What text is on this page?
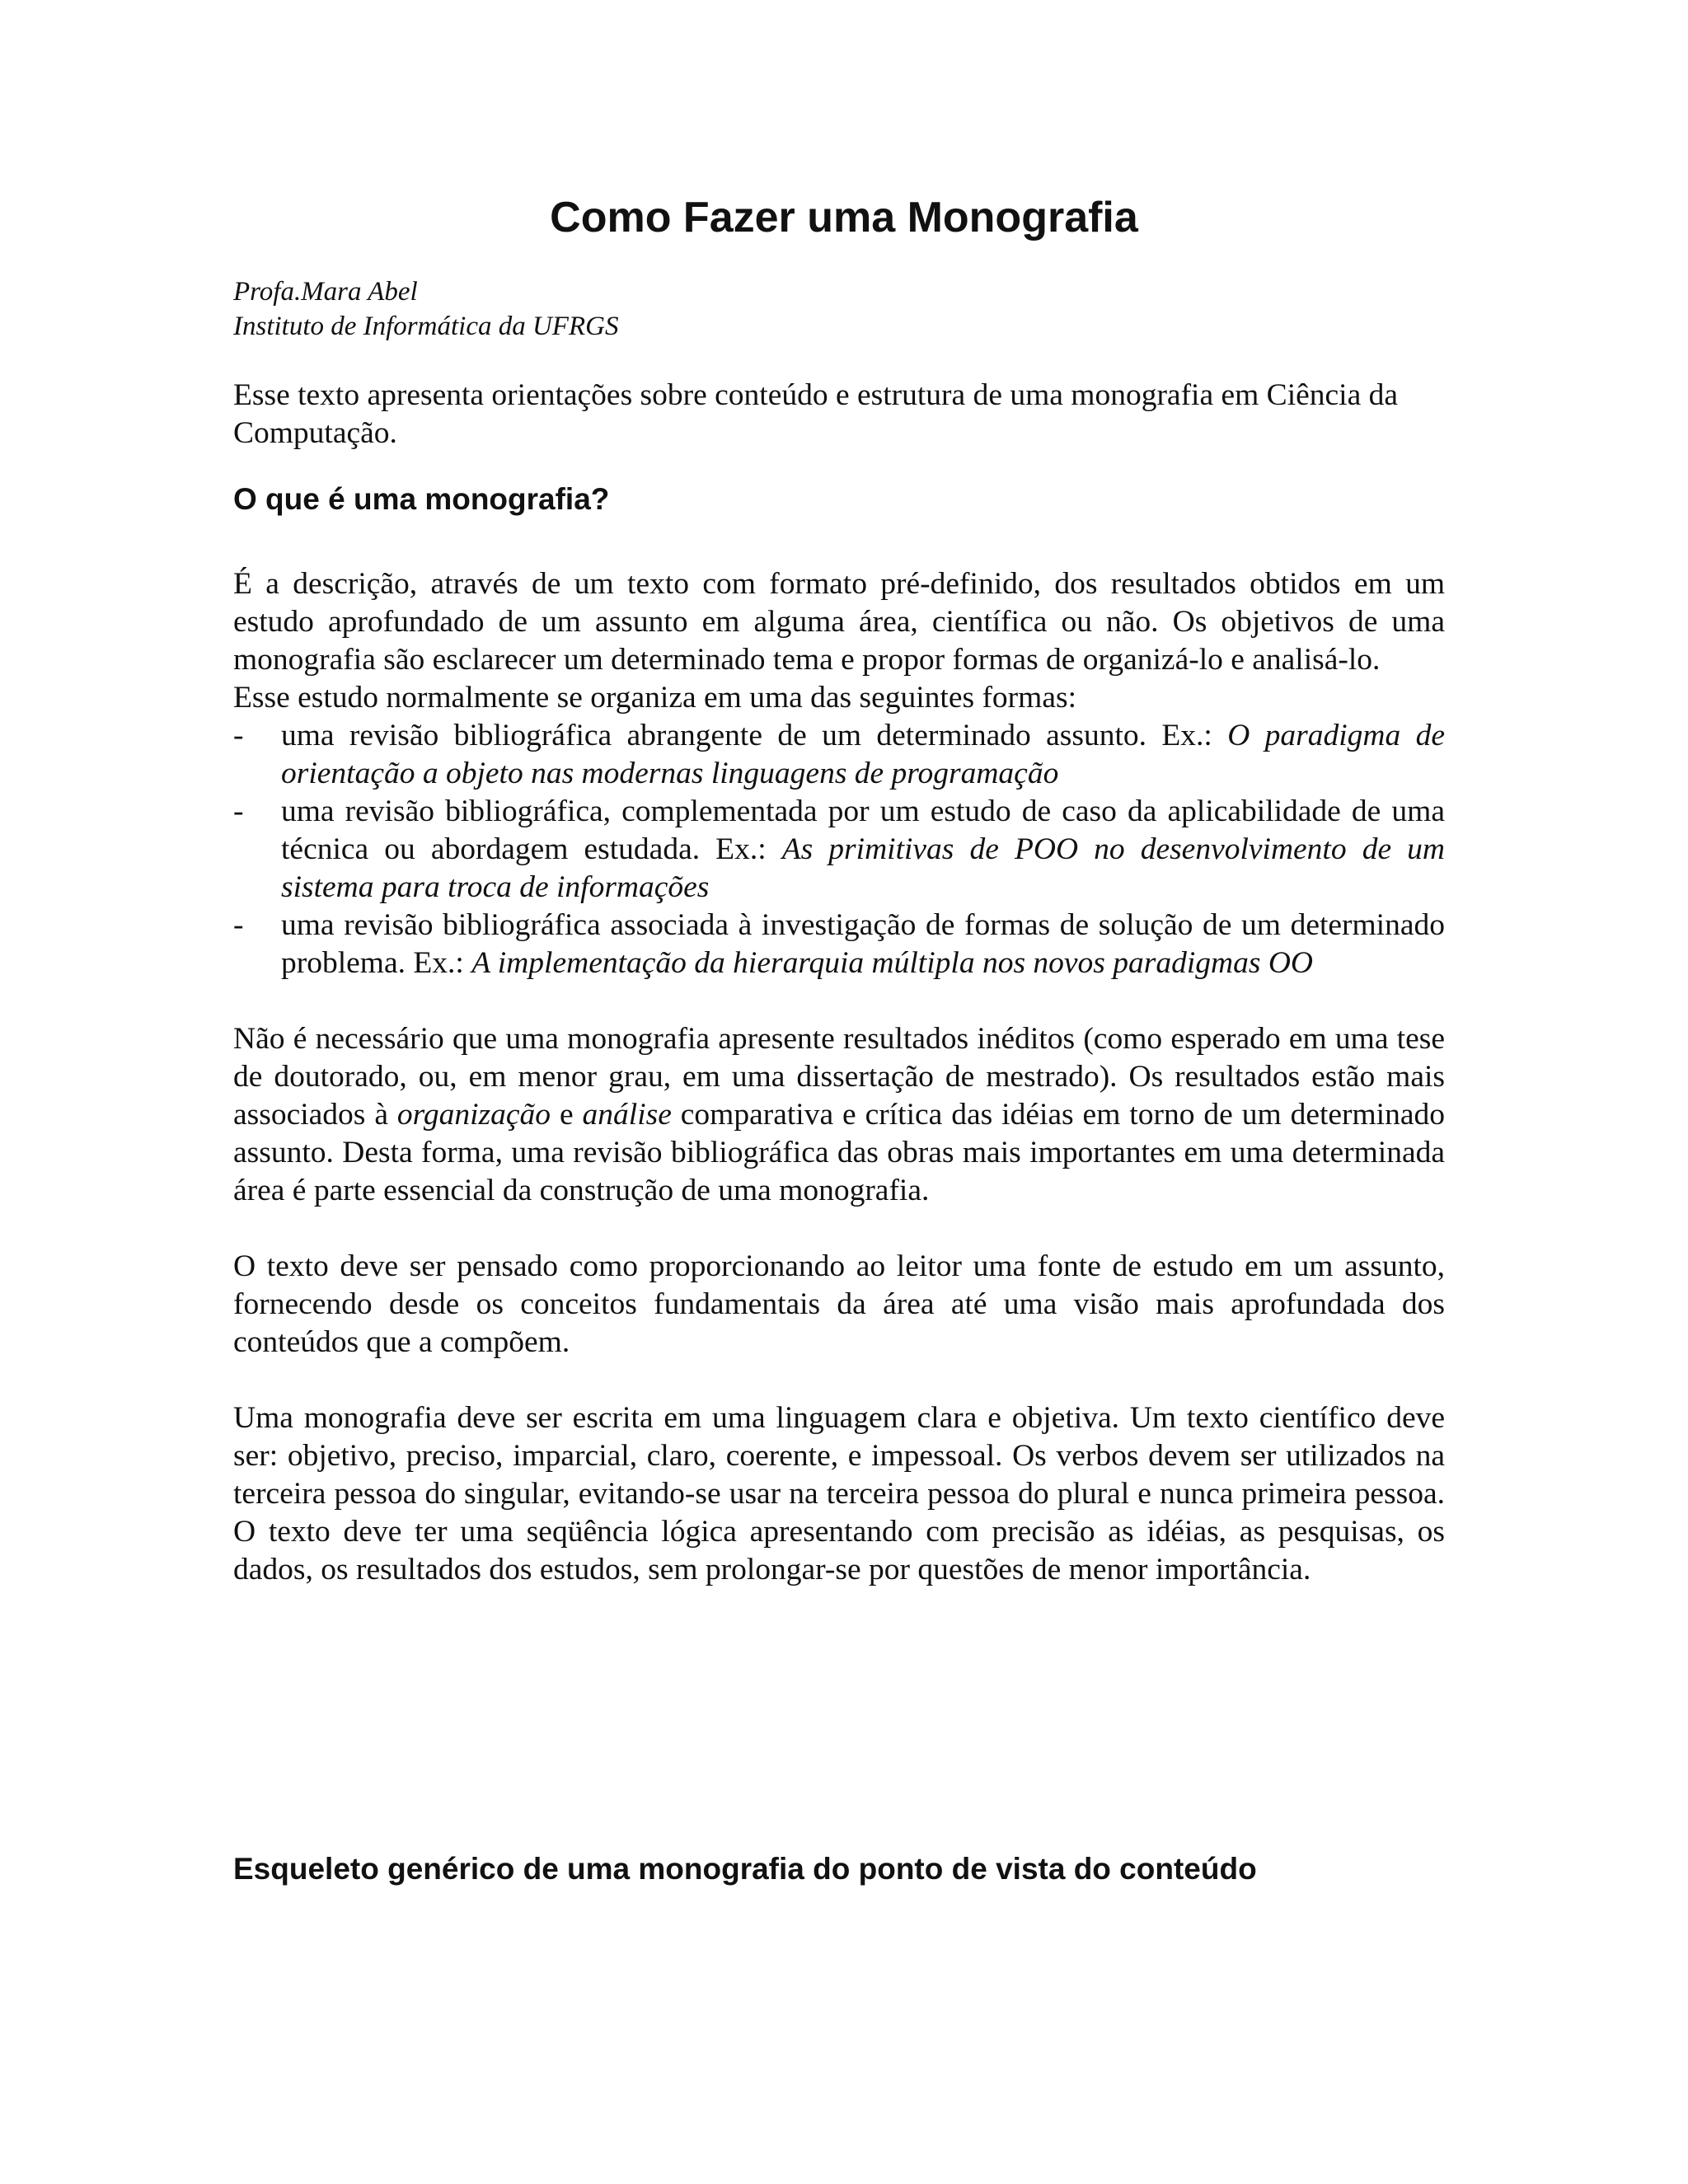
Como Fazer uma Monografia
Profa.Mara Abel
Instituto de Informática da UFRGS

Esse texto apresenta orientações sobre conteúdo e estrutura de uma monografia em Ciência da Computação.

O que é uma monografia?

É a descrição, através de um texto com formato pré-definido, dos resultados obtidos em um estudo aprofundado de um assunto em alguma área, científica ou não. Os objetivos de uma monografia são esclarecer um determinado tema e propor formas de organizá-lo e analisá-lo.

Esse estudo normalmente se organiza em uma das seguintes formas:

- uma revisão bibliográfica abrangente de um determinado assunto. Ex.: O paradigma de orientação a objeto nas modernas linguagens de programação
- uma revisão bibliográfica, complementada por um estudo de caso da aplicabilidade de uma técnica ou abordagem estudada. Ex.: As primitivas de POO no desenvolvimento de um sistema para troca de informações
- uma revisão bibliográfica associada à investigação de formas de solução de um determinado problema. Ex.: A implementação da hierarquia múltipla nos novos paradigmas OO

Não é necessário que uma monografia apresente resultados inéditos (como esperado em uma tese de doutorado, ou, em menor grau, em uma dissertação de mestrado). Os resultados estão mais associados à organização e análise comparativa e crítica das idéias em torno de um determinado assunto. Desta forma, uma revisão bibliográfica das obras mais importantes em uma determinada área é parte essencial da construção de uma monografia.

O texto deve ser pensado como proporcionando ao leitor uma fonte de estudo em um assunto, fornecendo desde os conceitos fundamentais da área até uma visão mais aprofundada dos conteúdos que a compõem.

Uma monografia deve ser escrita em uma linguagem clara e objetiva. Um texto científico deve ser: objetivo, preciso, imparcial, claro, coerente, e impessoal. Os verbos devem ser utilizados na terceira pessoa do singular, evitando-se usar na terceira pessoa do plural e nunca primeira pessoa. O texto deve ter uma seqüência lógica apresentando com precisão as idéias, as pesquisas, os dados, os resultados dos estudos, sem prolongar-se por questões de menor importância.

Esqueleto genérico de uma monografia do ponto de vista do conteúdo
